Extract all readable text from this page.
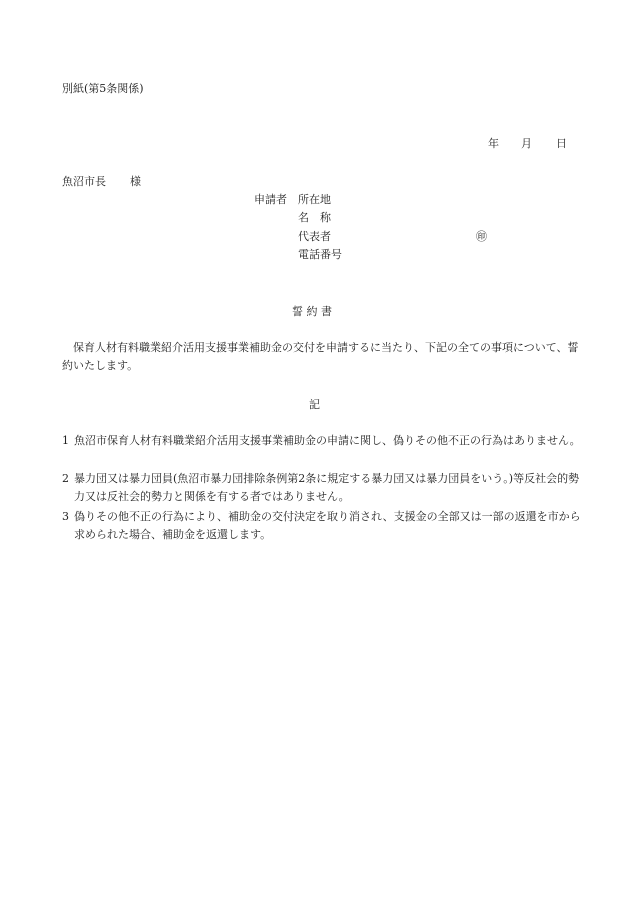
別紙(第5条関係)
年 月 日
魚沼市長 様
申請者 所在地
名　称
代表者	㊞
電話番号
誓 約 書
　保育人材有料職業紹介活用支援事業補助金の交付を申請するに当たり、下記の全ての事項について、誓約いたします。
記
1 魚沼市保育人材有料職業紹介活用支援事業補助金の申請に関し、偽りその他不正の行為はありません。
2 暴力団又は暴力団員(魚沼市暴力団排除条例第2条に規定する暴力団又は暴力団員をいう。)等反社会的勢力又は反社会的勢力と関係を有する者ではありません。
3 偽りその他不正の行為により、補助金の交付決定を取り消され、支援金の全部又は一部の返還を市から求められた場合、補助金を返還します。
